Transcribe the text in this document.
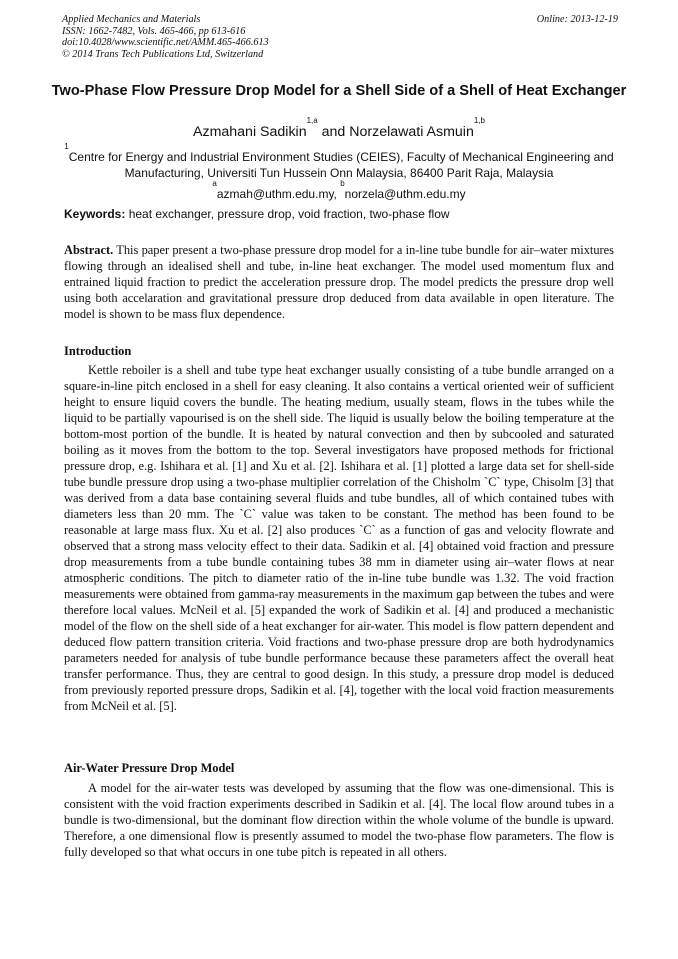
Applied Mechanics and Materials
ISSN: 1662-7482, Vols. 465-466, pp 613-616
doi:10.4028/www.scientific.net/AMM.465-466.613
© 2014 Trans Tech Publications Ltd, Switzerland
Online: 2013-12-19
Two-Phase Flow Pressure Drop Model for a Shell Side of a Shell of Heat Exchanger
Azmahani Sadikin$^{1,a}$ and Norzelawati Asmuin$^{1,b}$
$^1$Centre for Energy and Industrial Environment Studies (CEIES), Faculty of Mechanical Engineering and Manufacturing, Universiti Tun Hussein Onn Malaysia, 86400 Parit Raja, Malaysia
$^a$azmah@uthm.edu.my, $^b$norzela@uthm.edu.my
Keywords: heat exchanger, pressure drop, void fraction, two-phase flow
Abstract. This paper present a two-phase pressure drop model for a in-line tube bundle for air–water mixtures flowing through an idealised shell and tube, in-line heat exchanger. The model used momentum flux and entrained liquid fraction to predict the acceleration pressure drop. The model predicts the pressure drop well using both accelaration and gravitational pressure drop deduced from data available in open literature. The model is shown to be mass flux dependence.
Introduction
Kettle reboiler is a shell and tube type heat exchanger usually consisting of a tube bundle arranged on a square-in-line pitch enclosed in a shell for easy cleaning. It also contains a vertical oriented weir of sufficient height to ensure liquid covers the bundle. The heating medium, usually steam, flows in the tubes while the liquid to be partially vapourised is on the shell side. The liquid is usually below the boiling temperature at the bottom-most portion of the bundle. It is heated by natural convection and then by subcooled and saturated boiling as it moves from the bottom to the top. Several investigators have proposed methods for frictional pressure drop, e.g. Ishihara et al. [1] and Xu et al. [2]. Ishihara et al. [1] plotted a large data set for shell-side tube bundle pressure drop using a two-phase multiplier correlation of the Chisholm `C` type, Chisolm [3] that was derived from a data base containing several fluids and tube bundles, all of which contained tubes with diameters less than 20 mm. The `C` value was taken to be constant. The method has been found to be reasonable at large mass flux. Xu et al. [2] also produces `C` as a function of gas and velocity flowrate and observed that a strong mass velocity effect to their data. Sadikin et al. [4] obtained void fraction and pressure drop measurements from a tube bundle containing tubes 38 mm in diameter using air–water flows at near atmospheric conditions. The pitch to diameter ratio of the in-line tube bundle was 1.32. The void fraction measurements were obtained from gamma-ray measurements in the maximum gap between the tubes and were therefore local values. McNeil et al. [5] expanded the work of Sadikin et al. [4] and produced a mechanistic model of the flow on the shell side of a heat exchanger for air-water. This model is flow pattern dependent and deduced flow pattern transition criteria. Void fractions and two-phase pressure drop are both hydrodynamics parameters needed for analysis of tube bundle performance because these parameters affect the overall heat transfer performance. Thus, they are central to good design. In this study, a pressure drop model is deduced from previously reported pressure drops, Sadikin et al. [4], together with the local void fraction measurements from McNeil et al. [5].
Air-Water Pressure Drop Model
A model for the air-water tests was developed by assuming that the flow was one-dimensional. This is consistent with the void fraction experiments described in Sadikin et al. [4]. The local flow around tubes in a bundle is two-dimensional, but the dominant flow direction within the whole volume of the bundle is upward. Therefore, a one dimensional flow is presently assumed to model the two-phase flow parameters. The flow is fully developed so that what occurs in one tube pitch is repeated in all others.
